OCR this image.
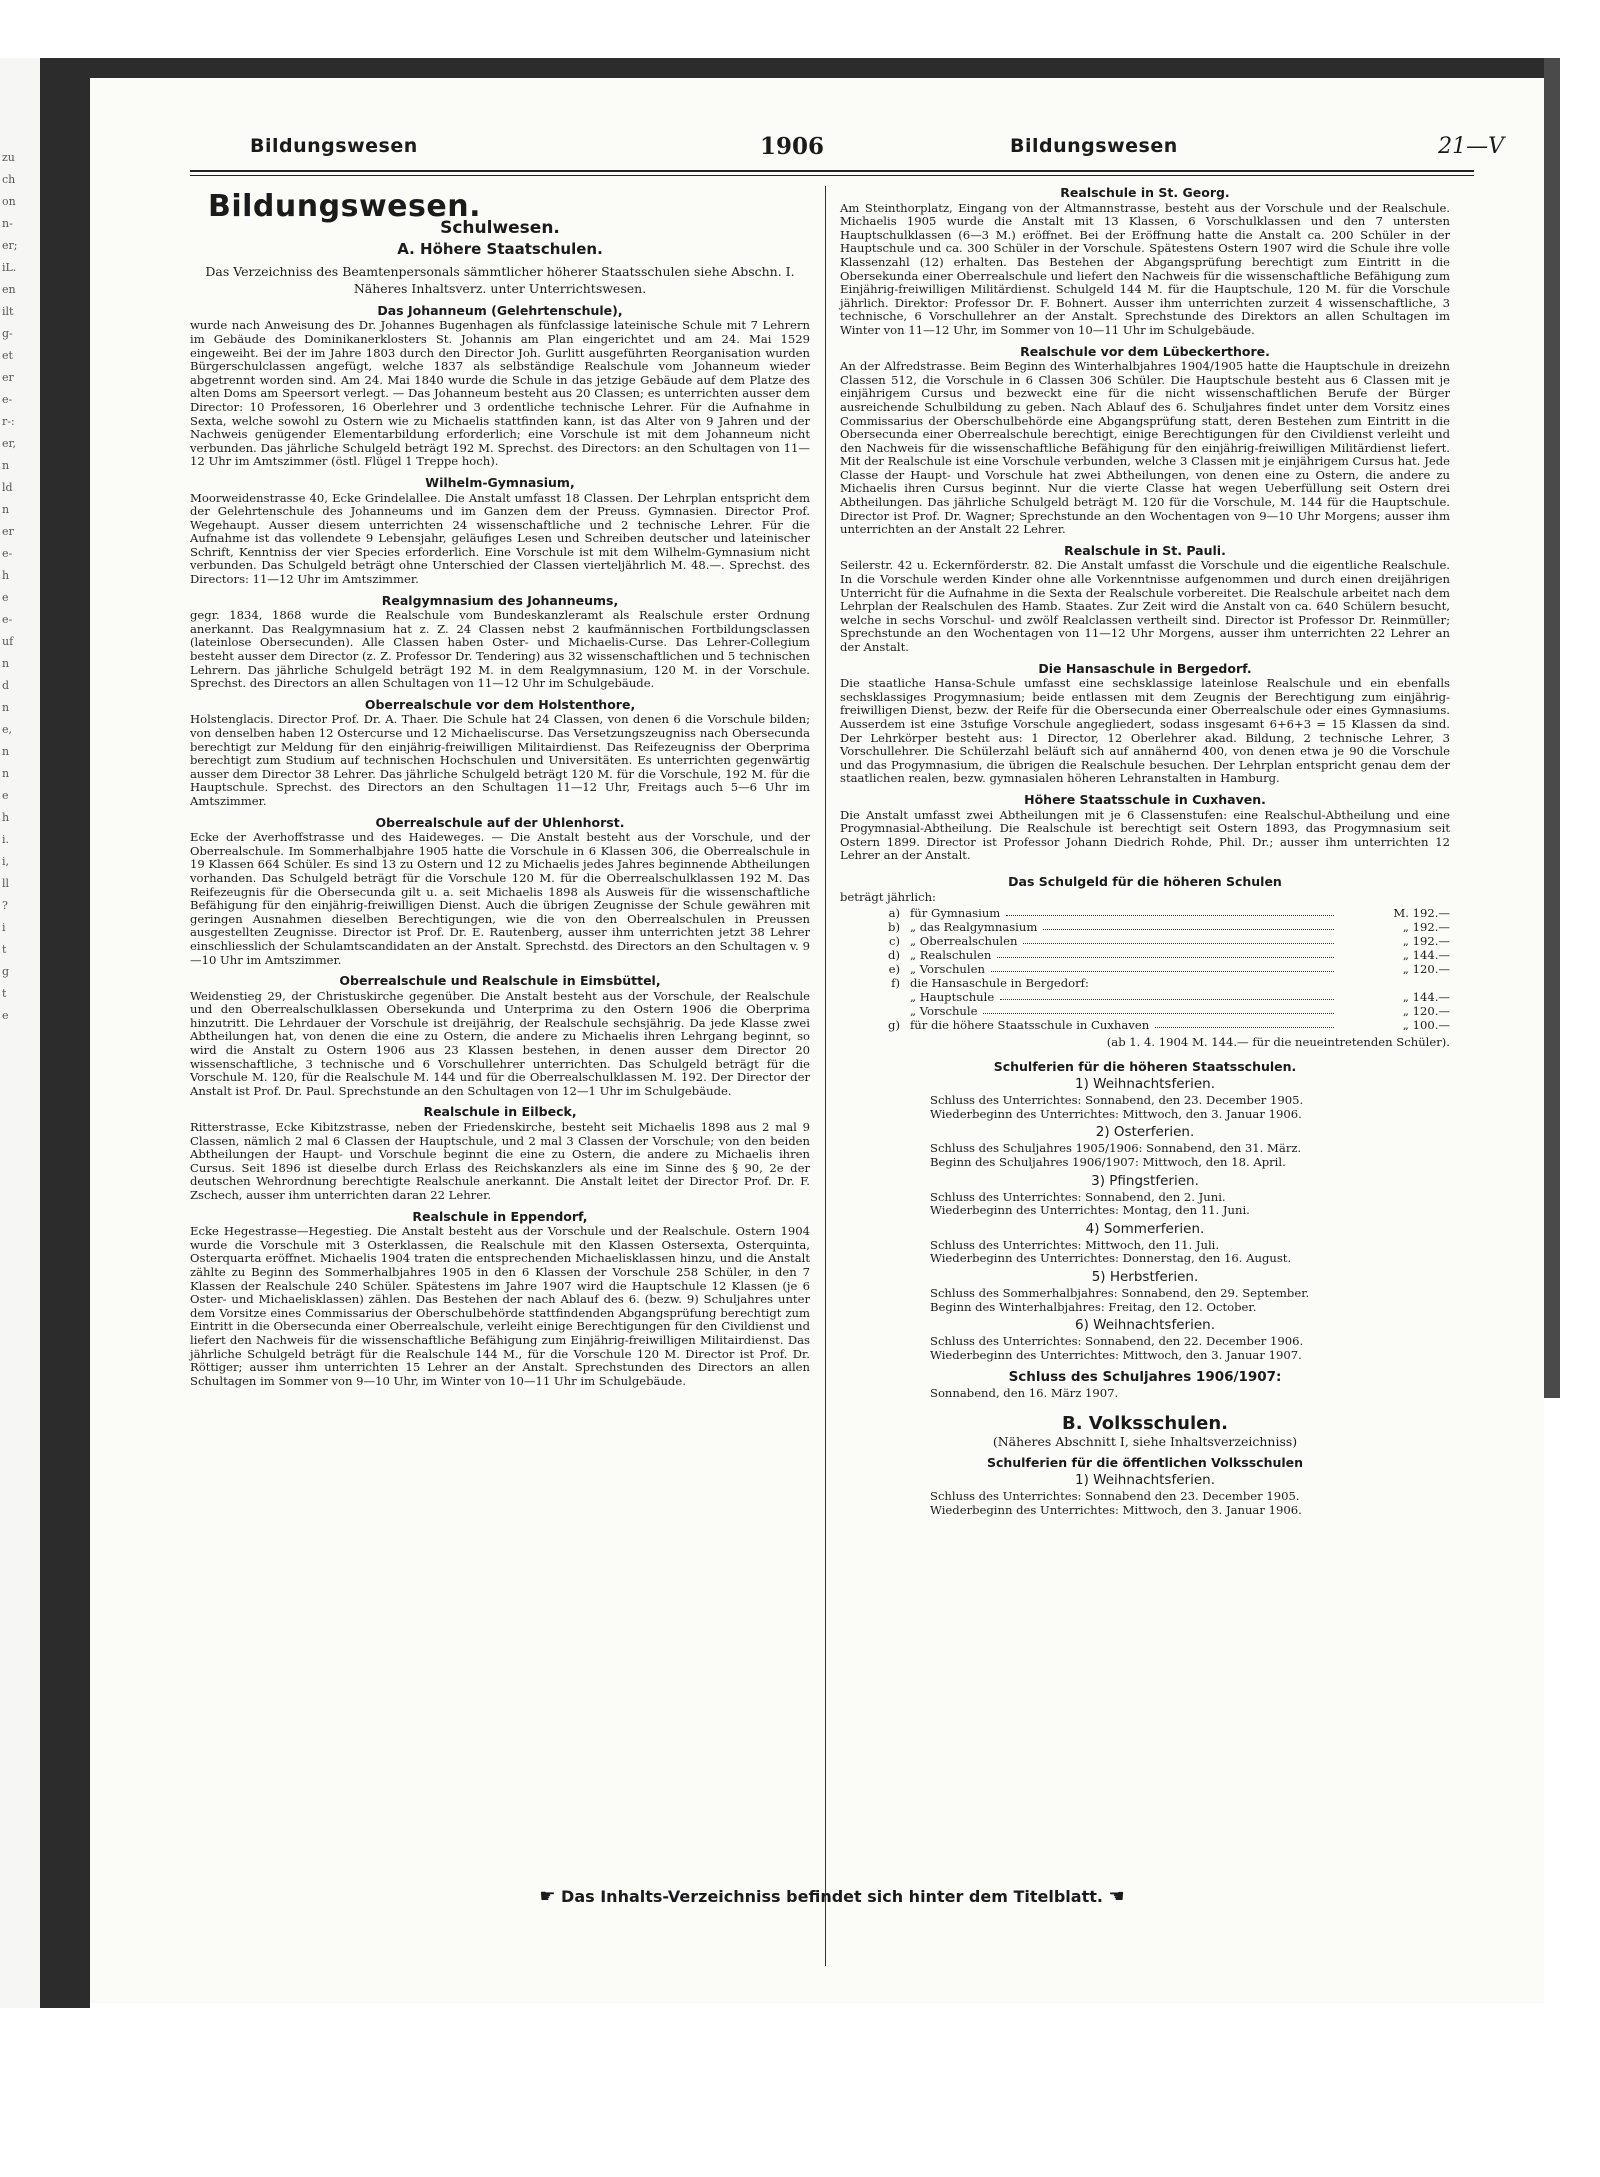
zu
ch
on
n-
er;
iL.
en
ilt
g-
et
er
e-
r-:
er,
n
ld
n
er
e-
h
e
e-
uf
n
d
n
e,
n
n
e
h
i.
i,
ll
?
i
t
g
t
e
Bildungswesen	1906	Bildungswesen	21—V
Bildungswesen.
Schulwesen.
A. Höhere Staatschulen.

Das Verzeichniss des Beamtenpersonals sämmtlicher höherer Staatsschulen siehe Abschn. I.

Näheres Inhaltsverz. unter Unterrichtswesen.

Das Johanneum (Gelehrtenschule),

wurde nach Anweisung des Dr. Johannes Bugenhagen als fünfclassige lateinische Schule mit 7 Lehrern im Gebäude des Dominikanerklosters St. Johannis am Plan eingerichtet und am 24. Mai 1529 eingeweiht. Bei der im Jahre 1803 durch den Director Joh. Gurlitt ausgeführten Reorganisation wurden Bürgerschulclassen angefügt, welche 1837 als selbständige Realschule vom Johanneum wieder abgetrennt worden sind. Am 24. Mai 1840 wurde die Schule in das jetzige Gebäude auf dem Platze des alten Doms am Speersort verlegt. — Das Johanneum besteht aus 20 Classen; es unterrichten ausser dem Director: 10 Professoren, 16 Oberlehrer und 3 ordentliche technische Lehrer. Für die Aufnahme in Sexta, welche sowohl zu Ostern wie zu Michaelis stattfinden kann, ist das Alter von 9 Jahren und der Nachweis genügender Elementarbildung erforderlich; eine Vorschule ist mit dem Johanneum nicht verbunden. Das jährliche Schulgeld beträgt 192 M. Sprechst. des Directors: an den Schultagen von 11—12 Uhr im Amtszimmer (östl. Flügel 1 Treppe hoch).

Wilhelm-Gymnasium,

Moorweidenstrasse 40, Ecke Grindelallee. Die Anstalt umfasst 18 Classen. Der Lehrplan entspricht dem der Gelehrtenschule des Johanneums und im Ganzen dem der Preuss. Gymnasien. Director Prof. Wegehaupt. Ausser diesem unterrichten 24 wissenschaftliche und 2 technische Lehrer. Für die Aufnahme ist das vollendete 9 Lebensjahr, geläufiges Lesen und Schreiben deutscher und lateinischer Schrift, Kenntniss der vier Species erforderlich. Eine Vorschule ist mit dem Wilhelm-Gymnasium nicht verbunden. Das Schulgeld beträgt ohne Unterschied der Classen vierteljährlich M. 48.—. Sprechst. des Directors: 11—12 Uhr im Amtszimmer.

Realgymnasium des Johanneums,

gegr. 1834, 1868 wurde die Realschule vom Bundeskanzleramt als Realschule erster Ordnung anerkannt. Das Realgymnasium hat z. Z. 24 Classen nebst 2 kaufmännischen Fortbildungsclassen (lateinlose Obersecunden). Alle Classen haben Oster- und Michaelis-Curse. Das Lehrer-Collegium besteht ausser dem Director (z. Z. Professor Dr. Tendering) aus 32 wissenschaftlichen und 5 technischen Lehrern. Das jährliche Schulgeld beträgt 192 M. in dem Realgymnasium, 120 M. in der Vorschule. Sprechst. des Directors an allen Schultagen von 11—12 Uhr im Schulgebäude.

Oberrealschule vor dem Holstenthore,

Holstenglacis. Director Prof. Dr. A. Thaer. Die Schule hat 24 Classen, von denen 6 die Vorschule bilden; von denselben haben 12 Ostercurse und 12 Michaeliscurse. Das Versetzungszeugniss nach Obersecunda berechtigt zur Meldung für den einjährig-freiwilligen Militairdienst. Das Reifezeugniss der Oberprima berechtigt zum Studium auf technischen Hochschulen und Universitäten. Es unterrichten gegenwärtig ausser dem Director 38 Lehrer. Das jährliche Schulgeld beträgt 120 M. für die Vorschule, 192 M. für die Hauptschule. Sprechst. des Directors an den Schultagen 11—12 Uhr, Freitags auch 5—6 Uhr im Amtszimmer.

Oberrealschule auf der Uhlenhorst.

Ecke der Averhoffstrasse und des Haideweges. — Die Anstalt besteht aus der Vorschule, und der Oberrealschule. Im Sommerhalbjahre 1905 hatte die Vorschule in 6 Klassen 306, die Oberrealschule in 19 Klassen 664 Schüler. Es sind 13 zu Ostern und 12 zu Michaelis jedes Jahres beginnende Abtheilungen vorhanden. Das Schulgeld beträgt für die Vorschule 120 M. für die Oberrealschulklassen 192 M. Das Reifezeugnis für die Obersecunda gilt u. a. seit Michaelis 1898 als Ausweis für die wissenschaftliche Befähigung für den einjährig-freiwilligen Dienst. Auch die übrigen Zeugnisse der Schule gewähren mit geringen Ausnahmen dieselben Berechtigungen, wie die von den Oberrealschulen in Preussen ausgestellten Zeugnisse. Director ist Prof. Dr. E. Rautenberg, ausser ihm unterrichten jetzt 38 Lehrer einschliesslich der Schulamtscandidaten an der Anstalt. Sprechstd. des Directors an den Schultagen v. 9—10 Uhr im Amtszimmer.

Oberrealschule und Realschule in Eimsbüttel,

Weidenstieg 29, der Christuskirche gegenüber. Die Anstalt besteht aus der Vorschule, der Realschule und den Oberrealschulklassen Obersekunda und Unterprima zu den Ostern 1906 die Oberprima hinzutritt. Die Lehrdauer der Vorschule ist dreijährig, der Realschule sechsjährig. Da jede Klasse zwei Abtheilungen hat, von denen die eine zu Ostern, die andere zu Michaelis ihren Lehrgang beginnt, so wird die Anstalt zu Ostern 1906 aus 23 Klassen bestehen, in denen ausser dem Director 20 wissenschaftliche, 3 technische und 6 Vorschullehrer unterrichten. Das Schulgeld beträgt für die Vorschule M. 120, für die Realschule M. 144 und für die Oberrealschulklassen M. 192. Der Director der Anstalt ist Prof. Dr. Paul. Sprechstunde an den Schultagen von 12—1 Uhr im Schulgebäude.

Realschule in Eilbeck,

Ritterstrasse, Ecke Kibitzstrasse, neben der Friedenskirche, besteht seit Michaelis 1898 aus 2 mal 9 Classen, nämlich 2 mal 6 Classen der Hauptschule, und 2 mal 3 Classen der Vorschule; von den beiden Abtheilungen der Haupt- und Vorschule beginnt die eine zu Ostern, die andere zu Michaelis ihren Cursus. Seit 1896 ist dieselbe durch Erlass des Reichskanzlers als eine im Sinne des § 90, 2e der deutschen Wehrordnung berechtigte Realschule anerkannt. Die Anstalt leitet der Director Prof. Dr. F. Zschech, ausser ihm unterrichten daran 22 Lehrer.

Realschule in Eppendorf,

Ecke Hegestrasse—Hegestieg. Die Anstalt besteht aus der Vorschule und der Realschule. Ostern 1904 wurde die Vorschule mit 3 Osterklassen, die Realschule mit den Klassen Ostersexta, Osterquinta, Osterquarta eröffnet. Michaelis 1904 traten die entsprechenden Michaelisklassen hinzu, und die Anstalt zählte zu Beginn des Sommerhalbjahres 1905 in den 6 Klassen der Vorschule 258 Schüler, in den 7 Klassen der Realschule 240 Schüler. Spätestens im Jahre 1907 wird die Hauptschule 12 Klassen (je 6 Oster- und Michaelisklassen) zählen. Das Bestehen der nach Ablauf des 6. (bezw. 9) Schuljahres unter dem Vorsitze eines Commissarius der Oberschulbehörde stattfindenden Abgangsprüfung berechtigt zum Eintritt in die Obersecunda einer Oberrealschule, verleiht einige Berechtigungen für den Civildienst und liefert den Nachweis für die wissenschaftliche Befähigung zum Einjährig-freiwilligen Militairdienst. Das jährliche Schulgeld beträgt für die Realschule 144 M., für die Vorschule 120 M. Director ist Prof. Dr. Röttiger; ausser ihm unterrichten 15 Lehrer an der Anstalt. Sprechstunden des Directors an allen Schultagen im Sommer von 9—10 Uhr, im Winter von 10—11 Uhr im Schulgebäude.

Realschule in St. Georg.

Am Steinthorplatz, Eingang von der Altmannstrasse, besteht aus der Vorschule und der Realschule. Michaelis 1905 wurde die Anstalt mit 13 Klassen, 6 Vorschulklassen und den 7 untersten Hauptschulklassen (6—3 M.) eröffnet. Bei der Eröffnung hatte die Anstalt ca. 200 Schüler in der Hauptschule und ca. 300 Schüler in der Vorschule. Spätestens Ostern 1907 wird die Schule ihre volle Klassenzahl (12) erhalten. Das Bestehen der Abgangsprüfung berechtigt zum Eintritt in die Obersekunda einer Oberrealschule und liefert den Nachweis für die wissenschaftliche Befähigung zum Einjährig-freiwilligen Militärdienst. Schulgeld 144 M. für die Hauptschule, 120 M. für die Vorschule jährlich. Direktor: Professor Dr. F. Bohnert. Ausser ihm unterrichten zurzeit 4 wissenschaftliche, 3 technische, 6 Vorschullehrer an der Anstalt. Sprechstunde des Direktors an allen Schultagen im Winter von 11—12 Uhr, im Sommer von 10—11 Uhr im Schulgebäude.

Realschule vor dem Lübeckerthore.

An der Alfredstrasse. Beim Beginn des Winterhalbjahres 1904/1905 hatte die Hauptschule in dreizehn Classen 512, die Vorschule in 6 Classen 306 Schüler. Die Hauptschule besteht aus 6 Classen mit je einjährigem Cursus und bezweckt eine für die nicht wissenschaftlichen Berufe der Bürger ausreichende Schulbildung zu geben. Nach Ablauf des 6. Schuljahres findet unter dem Vorsitz eines Commissarius der Oberschulbehörde eine Abgangsprüfung statt, deren Bestehen zum Eintritt in die Obersecunda einer Oberrealschule berechtigt, einige Berechtigungen für den Civildienst verleiht und den Nachweis für die wissenschaftliche Befähigung für den einjährig-freiwilligen Militärdienst liefert. Mit der Realschule ist eine Vorschule verbunden, welche 3 Classen mit je einjährigem Cursus hat. Jede Classe der Haupt- und Vorschule hat zwei Abtheilungen, von denen eine zu Ostern, die andere zu Michaelis ihren Cursus beginnt. Nur die vierte Classe hat wegen Ueberfüllung seit Ostern drei Abtheilungen. Das jährliche Schulgeld beträgt M. 120 für die Vorschule, M. 144 für die Hauptschule. Director ist Prof. Dr. Wagner; Sprechstunde an den Wochentagen von 9—10 Uhr Morgens; ausser ihm unterrichten an der Anstalt 22 Lehrer.

Realschule in St. Pauli.

Seilerstr. 42 u. Eckernförderstr. 82. Die Anstalt umfasst die Vorschule und die eigentliche Realschule. In die Vorschule werden Kinder ohne alle Vorkenntnisse aufgenommen und durch einen dreijährigen Unterricht für die Aufnahme in die Sexta der Realschule vorbereitet. Die Realschule arbeitet nach dem Lehrplan der Realschulen des Hamb. Staates. Zur Zeit wird die Anstalt von ca. 640 Schülern besucht, welche in sechs Vorschul- und zwölf Realclassen vertheilt sind. Director ist Professor Dr. Reinmüller; Sprechstunde an den Wochentagen von 11—12 Uhr Morgens, ausser ihm unterrichten 22 Lehrer an der Anstalt.

Die Hansaschule in Bergedorf.

Die staatliche Hansa-Schule umfasst eine sechsklassige lateinlose Realschule und ein ebenfalls sechsklassiges Progymnasium; beide entlassen mit dem Zeugnis der Berechtigung zum einjährig-freiwilligen Dienst, bezw. der Reife für die Obersecunda einer Oberrealschule oder eines Gymnasiums. Ausserdem ist eine 3stufige Vorschule angegliedert, sodass insgesamt 6+6+3 = 15 Klassen da sind. Der Lehrkörper besteht aus: 1 Director, 12 Oberlehrer akad. Bildung, 2 technische Lehrer, 3 Vorschullehrer. Die Schülerzahl beläuft sich auf annähernd 400, von denen etwa je 90 die Vorschule und das Progymnasium, die übrigen die Realschule besuchen. Der Lehrplan entspricht genau dem der staatlichen realen, bezw. gymnasialen höheren Lehranstalten in Hamburg.

Höhere Staatsschule in Cuxhaven.

Die Anstalt umfasst zwei Abtheilungen mit je 6 Classenstufen: eine Realschul-Abtheilung und eine Progymnasial-Abtheilung. Die Realschule ist berechtigt seit Ostern 1893, das Progymnasium seit Ostern 1899. Director ist Professor Johann Diedrich Rohde, Phil. Dr.; ausser ihm unterrichten 12 Lehrer an der Anstalt.

Das Schulgeld für die höheren Schulen

beträgt jährlich:

a) für Gymnasium	M. 192.—
b) „ das Realgymnasium	„ 192.—
c) „ Oberrealschulen	„ 192.—
d) „ Realschulen	„ 144.—
e) „ Vorschulen	„ 120.—
f) die Hansaschule in Bergedorf:
„ Hauptschule	„ 144.—
„ Vorschule	„ 120.—
g) für die höhere Staatsschule in Cuxhaven	„ 100.—

(ab 1. 4. 1904 M. 144.— für die neueintretenden Schüler).

Schulferien für die höheren Staatsschulen.
1) Weihnachtsferien.

Schluss des Unterrichtes: Sonnabend, den 23. December 1905.

Wiederbeginn des Unterrichtes: Mittwoch, den 3. Januar 1906.

2) Osterferien.

Schluss des Schuljahres 1905/1906: Sonnabend, den 31. März.

Beginn des Schuljahres 1906/1907: Mittwoch, den 18. April.

3) Pfingstferien.

Schluss des Unterrichtes: Sonnabend, den 2. Juni.

Wiederbeginn des Unterrichtes: Montag, den 11. Juni.

4) Sommerferien.

Schluss des Unterrichtes: Mittwoch, den 11. Juli.

Wiederbeginn des Unterrichtes: Donnerstag, den 16. August.

5) Herbstferien.

Schluss des Sommerhalbjahres: Sonnabend, den 29. September.

Beginn des Winterhalbjahres: Freitag, den 12. October.

6) Weihnachtsferien.

Schluss des Unterrichtes: Sonnabend, den 22. December 1906.

Wiederbeginn des Unterrichtes: Mittwoch, den 3. Januar 1907.

Schluss des Schuljahres 1906/1907:

Sonnabend, den 16. März 1907.

B. Volksschulen.

(Näheres Abschnitt I, siehe Inhaltsverzeichniss)

Schulferien für die öffentlichen Volksschulen
1) Weihnachtsferien.

Schluss des Unterrichtes: Sonnabend den 23. December 1905.

Wiederbeginn des Unterrichtes: Mittwoch, den 3. Januar 1906.

☛ Das Inhalts-Verzeichniss befindet sich hinter dem Titelblatt. ☚
